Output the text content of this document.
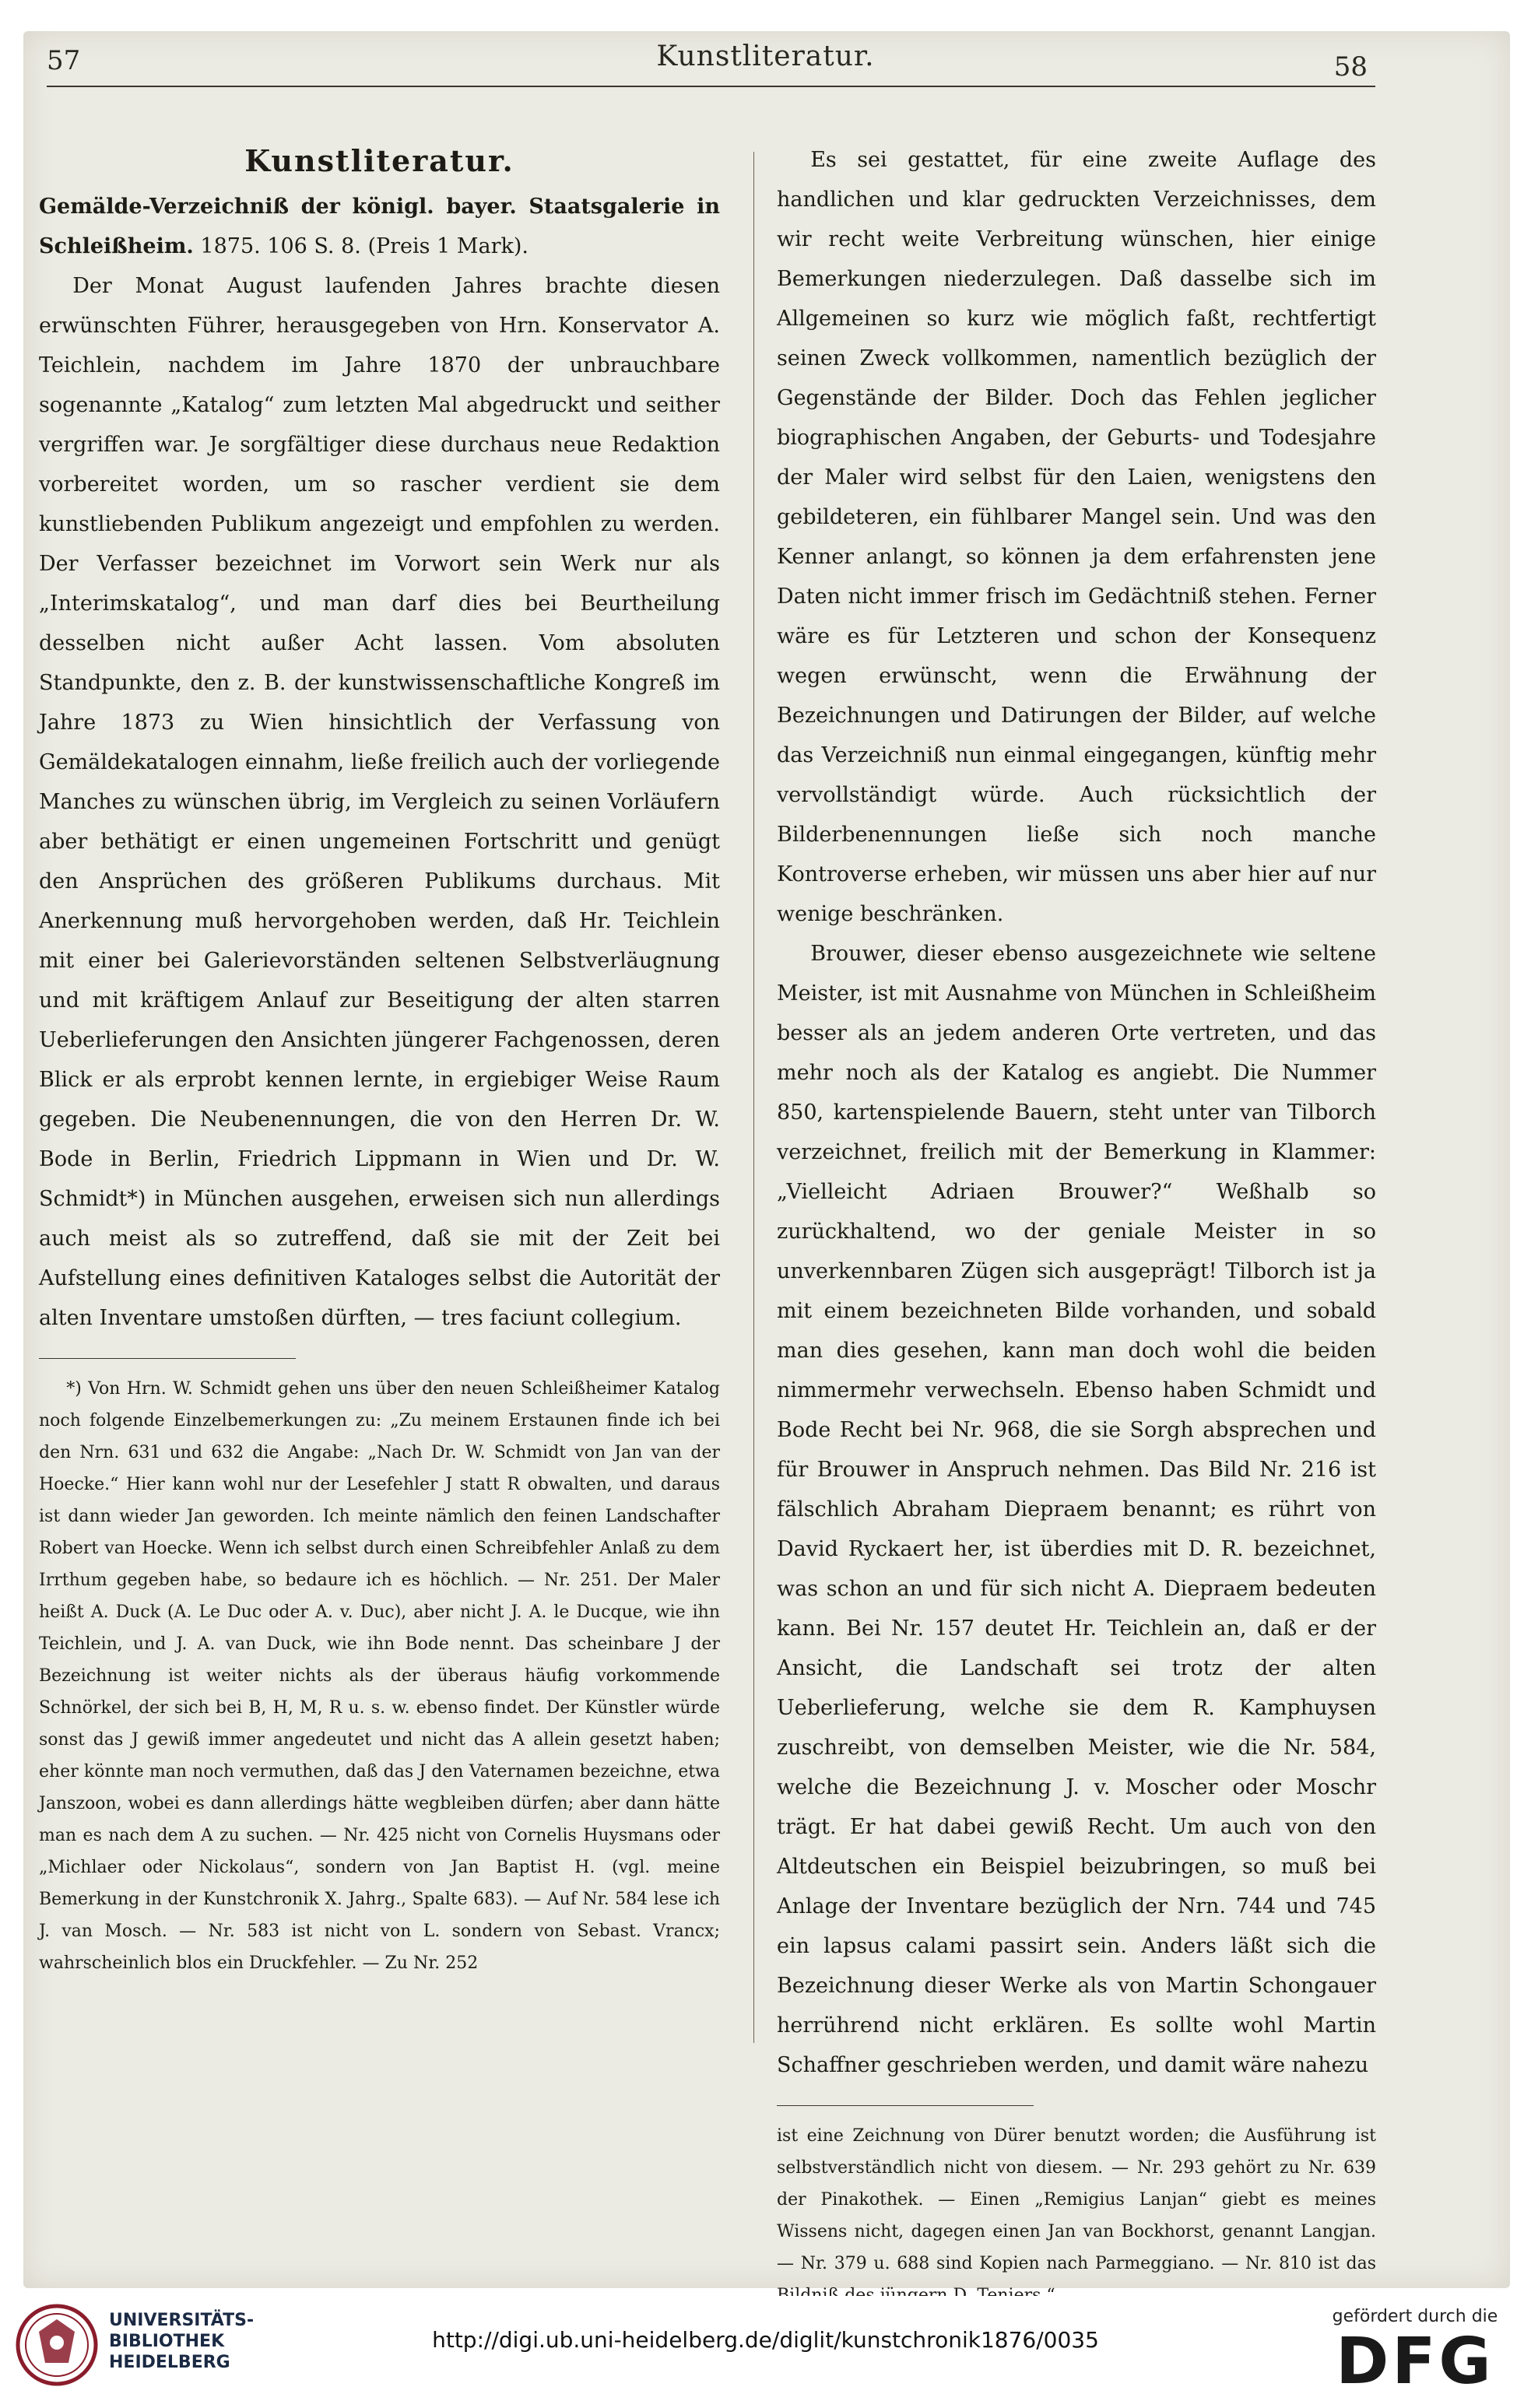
57	Kunstliteratur.	58
Kunstliteratur.

Gemälde-Verzeichniß der königl. bayer. Staatsgalerie in Schleißheim. 1875. 106 S. 8. (Preis 1 Mark).

Der Monat August laufenden Jahres brachte diesen erwünschten Führer, herausgegeben von Hrn. Konservator A. Teichlein, nachdem im Jahre 1870 der unbrauchbare sogenannte „Katalog“ zum letzten Mal abgedruckt und seither vergriffen war. Je sorgfältiger diese durchaus neue Redaktion vorbereitet worden, um so rascher verdient sie dem kunstliebenden Publikum angezeigt und empfohlen zu werden. Der Verfasser bezeichnet im Vorwort sein Werk nur als „Interimskatalog“, und man darf dies bei Beurtheilung desselben nicht außer Acht lassen. Vom absoluten Standpunkte, den z. B. der kunstwissenschaftliche Kongreß im Jahre 1873 zu Wien hinsichtlich der Verfassung von Gemäldekatalogen einnahm, ließe freilich auch der vorliegende Manches zu wünschen übrig, im Vergleich zu seinen Vorläufern aber bethätigt er einen ungemeinen Fortschritt und genügt den Ansprüchen des größeren Publikums durchaus. Mit Anerkennung muß hervorgehoben werden, daß Hr. Teichlein mit einer bei Galerievorständen seltenen Selbstverläugnung und mit kräftigem Anlauf zur Beseitigung der alten starren Ueberlieferungen den Ansichten jüngerer Fachgenossen, deren Blick er als erprobt kennen lernte, in ergiebiger Weise Raum gegeben. Die Neubenennungen, die von den Herren Dr. W. Bode in Berlin, Friedrich Lippmann in Wien und Dr. W. Schmidt*) in München ausgehen, erweisen sich nun allerdings auch meist als so zutreffend, daß sie mit der Zeit bei Aufstellung eines definitiven Kataloges selbst die Autorität der alten Inventare umstoßen dürften, — tres faciunt collegium.

*) Von Hrn. W. Schmidt gehen uns über den neuen Schleißheimer Katalog noch folgende Einzelbemerkungen zu: „Zu meinem Erstaunen finde ich bei den Nrn. 631 und 632 die Angabe: „Nach Dr. W. Schmidt von Jan van der Hoecke.“ Hier kann wohl nur der Lesefehler J statt R obwalten, und daraus ist dann wieder Jan geworden. Ich meinte nämlich den feinen Landschafter Robert van Hoecke. Wenn ich selbst durch einen Schreibfehler Anlaß zu dem Irrthum gegeben habe, so bedaure ich es höchlich. — Nr. 251. Der Maler heißt A. Duck (A. Le Duc oder A. v. Duc), aber nicht J. A. le Ducque, wie ihn Teichlein, und J. A. van Duck, wie ihn Bode nennt. Das scheinbare J der Bezeichnung ist weiter nichts als der überaus häufig vorkommende Schnörkel, der sich bei B, H, M, R u. s. w. ebenso findet. Der Künstler würde sonst das J gewiß immer angedeutet und nicht das A allein gesetzt haben; eher könnte man noch vermuthen, daß das J den Vaternamen bezeichne, etwa Janszoon, wobei es dann allerdings hätte wegbleiben dürfen; aber dann hätte man es nach dem A zu suchen. — Nr. 425 nicht von Cornelis Huysmans oder „Michlaer oder Nickolaus“, sondern von Jan Baptist H. (vgl. meine Bemerkung in der Kunstchronik X. Jahrg., Spalte 683). — Auf Nr. 584 lese ich J. van Mosch. — Nr. 583 ist nicht von L. sondern von Sebast. Vrancx; wahrscheinlich blos ein Druckfehler. — Zu Nr. 252

Es sei gestattet, für eine zweite Auflage des handlichen und klar gedruckten Verzeichnisses, dem wir recht weite Verbreitung wünschen, hier einige Bemerkungen niederzulegen. Daß dasselbe sich im Allgemeinen so kurz wie möglich faßt, rechtfertigt seinen Zweck vollkommen, namentlich bezüglich der Gegenstände der Bilder. Doch das Fehlen jeglicher biographischen Angaben, der Geburts- und Todesjahre der Maler wird selbst für den Laien, wenigstens den gebildeteren, ein fühlbarer Mangel sein. Und was den Kenner anlangt, so können ja dem erfahrensten jene Daten nicht immer frisch im Gedächtniß stehen. Ferner wäre es für Letzteren und schon der Konsequenz wegen erwünscht, wenn die Erwähnung der Bezeichnungen und Datirungen der Bilder, auf welche das Verzeichniß nun einmal eingegangen, künftig mehr vervollständigt würde. Auch rücksichtlich der Bilderbenennungen ließe sich noch manche Kontroverse erheben, wir müssen uns aber hier auf nur wenige beschränken.

Brouwer, dieser ebenso ausgezeichnete wie seltene Meister, ist mit Ausnahme von München in Schleißheim besser als an jedem anderen Orte vertreten, und das mehr noch als der Katalog es angiebt. Die Nummer 850, kartenspielende Bauern, steht unter van Tilborch verzeichnet, freilich mit der Bemerkung in Klammer: „Vielleicht Adriaen Brouwer?“ Weßhalb so zurückhaltend, wo der geniale Meister in so unverkennbaren Zügen sich ausgeprägt! Tilborch ist ja mit einem bezeichneten Bilde vorhanden, und sobald man dies gesehen, kann man doch wohl die beiden nimmermehr verwechseln. Ebenso haben Schmidt und Bode Recht bei Nr. 968, die sie Sorgh absprechen und für Brouwer in Anspruch nehmen. Das Bild Nr. 216 ist fälschlich Abraham Diepraem benannt; es rührt von David Ryckaert her, ist überdies mit D. R. bezeichnet, was schon an und für sich nicht A. Diepraem bedeuten kann. Bei Nr. 157 deutet Hr. Teichlein an, daß er der Ansicht, die Landschaft sei trotz der alten Ueberlieferung, welche sie dem R. Kamphuysen zuschreibt, von demselben Meister, wie die Nr. 584, welche die Bezeichnung J. v. Moscher oder Moschr trägt. Er hat dabei gewiß Recht. Um auch von den Altdeutschen ein Beispiel beizubringen, so muß bei Anlage der Inventare bezüglich der Nrn. 744 und 745 ein lapsus calami passirt sein. Anders läßt sich die Bezeichnung dieser Werke als von Martin Schongauer herrührend nicht erklären. Es sollte wohl Martin Schaffner geschrieben werden, und damit wäre nahezu

ist eine Zeichnung von Dürer benutzt worden; die Ausführung ist selbstverständlich nicht von diesem. — Nr. 293 gehört zu Nr. 639 der Pinakothek. — Einen „Remigius Lanjan“ giebt es meines Wissens nicht, dagegen einen Jan van Bockhorst, genannt Langjan. — Nr. 379 u. 688 sind Kopien nach Parmeggiano. — Nr. 810 ist das

UNIVERSITÄTS-
BIBLIOTHEK
HEIDELBERG
http://digi.ub.uni-heidelberg.de/diglit/kunstchronik1876/0035
gefördert durch die
DFG
